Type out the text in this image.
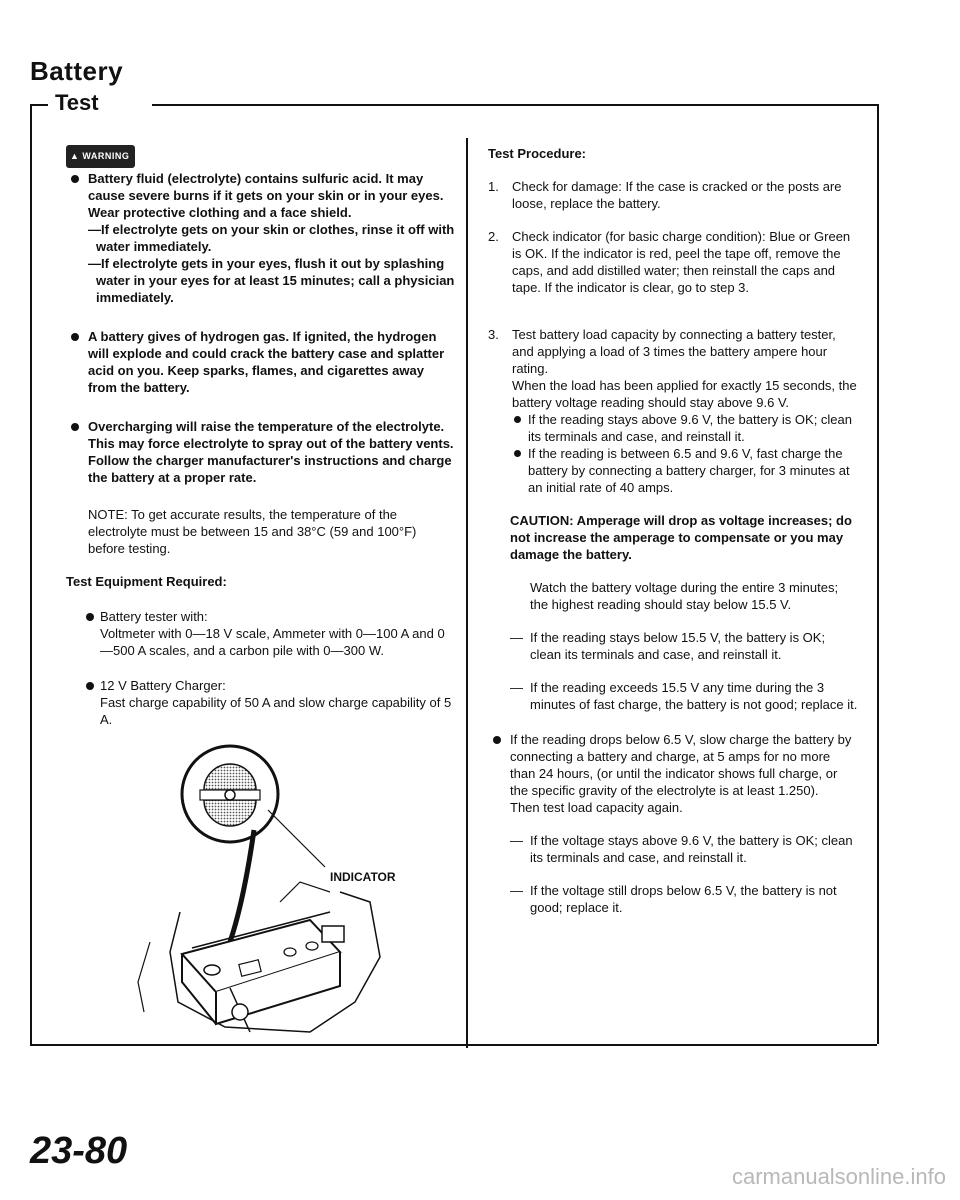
Battery
Test
▲ WARNING

Battery fluid (electrolyte) contains sulfuric acid. It may cause severe burns if it gets on your skin or in your eyes.

Wear protective clothing and a face shield.

—If electrolyte gets on your skin or clothes, rinse it off with water immediately.

—If electrolyte gets in your eyes, flush it out by splashing water in your eyes for at least 15 minutes; call a physician immediately.

A battery gives of hydrogen gas. If ignited, the hydrogen will explode and could crack the battery case and splatter acid on you. Keep sparks, flames, and cigarettes away from the battery.

Overcharging will raise the temperature of the electrolyte. This may force electrolyte to spray out of the battery vents. Follow the charger manufacturer's instructions and charge the battery at a proper rate.

NOTE: To get accurate results, the temperature of the electrolyte must be between 15 and 38°C (59 and 100°F) before testing.

Test Equipment Required:

Battery tester with:

Voltmeter with 0—18 V scale, Ammeter with 0—100 A and 0—500 A scales, and a carbon pile with 0—300 W.

12 V Battery Charger:

Fast charge capability of 50 A and slow charge capability of 5 A.

INDICATOR

Test Procedure:

1. Check for damage: If the case is cracked or the posts are loose, replace the battery.

2. Check indicator (for basic charge condition): Blue or Green is OK. If the indicator is red, peel the tape off, remove the caps, and add distilled water; then reinstall the caps and tape. If the indicator is clear, go to step 3.

3. Test battery load capacity by connecting a battery tester, and applying a load of 3 times the battery ampere hour rating.

When the load has been applied for exactly 15 seconds, the battery voltage reading should stay above 9.6 V.

If the reading stays above 9.6 V, the battery is OK; clean its terminals and case, and reinstall it.

If the reading is between 6.5 and 9.6 V, fast charge the battery by connecting a battery charger, for 3 minutes at an initial rate of 40 amps.

CAUTION: Amperage will drop as voltage increases; do not increase the amperage to compensate or you may damage the battery.

Watch the battery voltage during the entire 3 minutes; the highest reading should stay below 15.5 V.

— If the reading stays below 15.5 V, the battery is OK; clean its terminals and case, and reinstall it.

— If the reading exceeds 15.5 V any time during the 3 minutes of fast charge, the battery is not good; replace it.

If the reading drops below 6.5 V, slow charge the battery by connecting a battery and charge, at 5 amps for no more than 24 hours, (or until the indicator shows full charge, or the specific gravity of the electrolyte is at least 1.250).

Then test load capacity again.

— If the voltage stays above 9.6 V, the battery is OK; clean its terminals and case, and reinstall it.

— If the voltage still drops below 6.5 V, the battery is not good; replace it.

23-80
carmanualsonline.info
